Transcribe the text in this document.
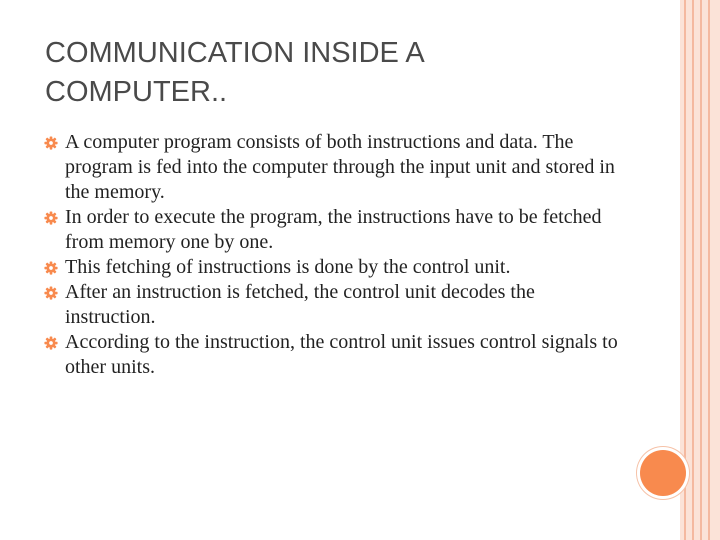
COMMUNICATION INSIDE A COMPUTER..
A computer program consists of both instructions and data. The program is fed into the computer through the input unit and stored in the memory.
In order to execute the program, the instructions have to be fetched from memory one by one.
This fetching of instructions is done by the control unit.
After an instruction is fetched, the control unit decodes the instruction.
According to the instruction, the control unit issues control signals to other units.
